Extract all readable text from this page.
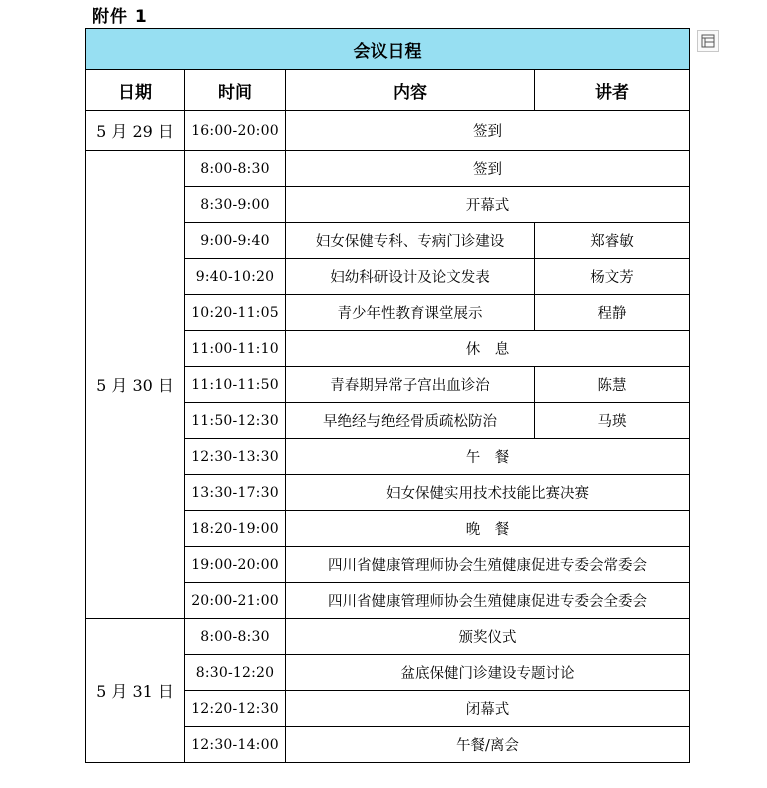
附件 1
会议日程			
日期	时间	内容	讲者
5 月 29 日	16:00-20:00	签到	
5 月 30 日	8:00-8:30	签到	
	8:30-9:00	开幕式	
	9:00-9:40	妇女保健专科、专病门诊建设	郑睿敏
	9:40-10:20	妇幼科研设计及论文发表	杨文芳
	10:20-11:05	青少年性教育课堂展示	程静
	11:00-11:10	休　息	
	11:10-11:50	青春期异常子宫出血诊治	陈慧
	11:50-12:30	早绝经与绝经骨质疏松防治	马瑛
	12:30-13:30	午　餐	
	13:30-17:30	妇女保健实用技术技能比赛决赛	
	18:20-19:00	晚　餐	
	19:00-20:00	四川省健康管理师协会生殖健康促进专委会常委会	
	20:00-21:00	四川省健康管理师协会生殖健康促进专委会全委会	
5 月 31 日	8:00-8:30	颁奖仪式	
	8:30-12:20	盆底保健门诊建设专题讨论	
	12:20-12:30	闭幕式	
	12:30-14:00	午餐/离会	
